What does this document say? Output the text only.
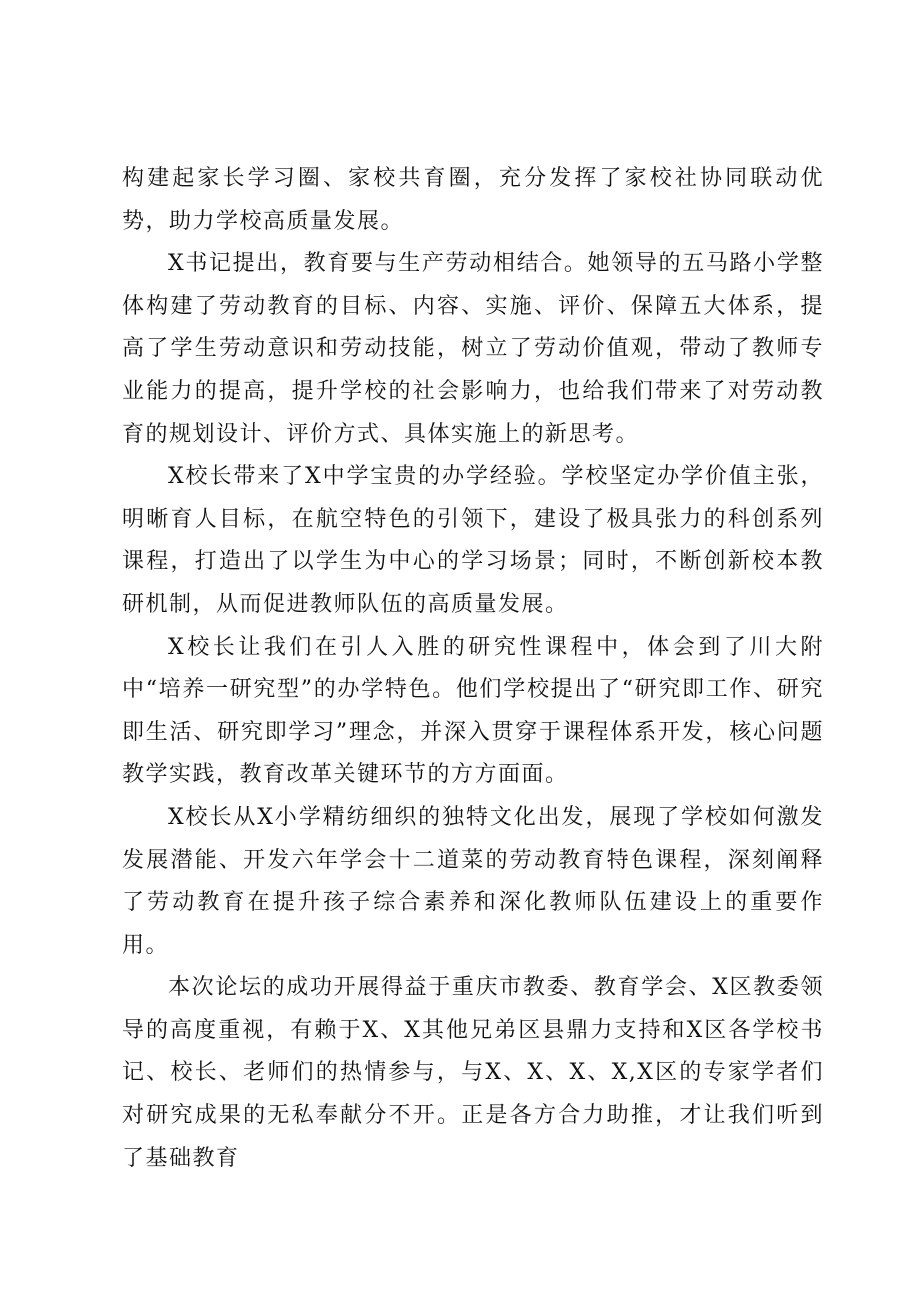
构建起家长学习圈、家校共育圈，充分发挥了家校社协同联动优势，助力学校高质量发展。

X书记提出，教育要与生产劳动相结合。她领导的五马路小学整体构建了劳动教育的目标、内容、实施、评价、保障五大体系，提高了学生劳动意识和劳动技能，树立了劳动价值观，带动了教师专业能力的提高，提升学校的社会影响力，也给我们带来了对劳动教育的规划设计、评价方式、具体实施上的新思考。

X校长带来了X中学宝贵的办学经验。学校坚定办学价值主张，明晰育人目标，在航空特色的引领下，建设了极具张力的科创系列课程，打造出了以学生为中心的学习场景；同时，不断创新校本教研机制，从而促进教师队伍的高质量发展。

X校长让我们在引人入胜的研究性课程中，体会到了川大附中“培养一研究型”的办学特色。他们学校提出了“研究即工作、研究即生活、研究即学习”理念，并深入贯穿于课程体系开发，核心问题教学实践，教育改革关键环节的方方面面。

X校长从X小学精纺细织的独特文化出发，展现了学校如何激发发展潜能、开发六年学会十二道菜的劳动教育特色课程，深刻阐释了劳动教育在提升孩子综合素养和深化教师队伍建设上的重要作用。

本次论坛的成功开展得益于重庆市教委、教育学会、X区教委领导的高度重视，有赖于X、X其他兄弟区县鼎力支持和X区各学校书记、校长、老师们的热情参与，与X、X、X、X,X区的专家学者们对研究成果的无私奉献分不开。正是各方合力助推，才让我们听到了基础教育
